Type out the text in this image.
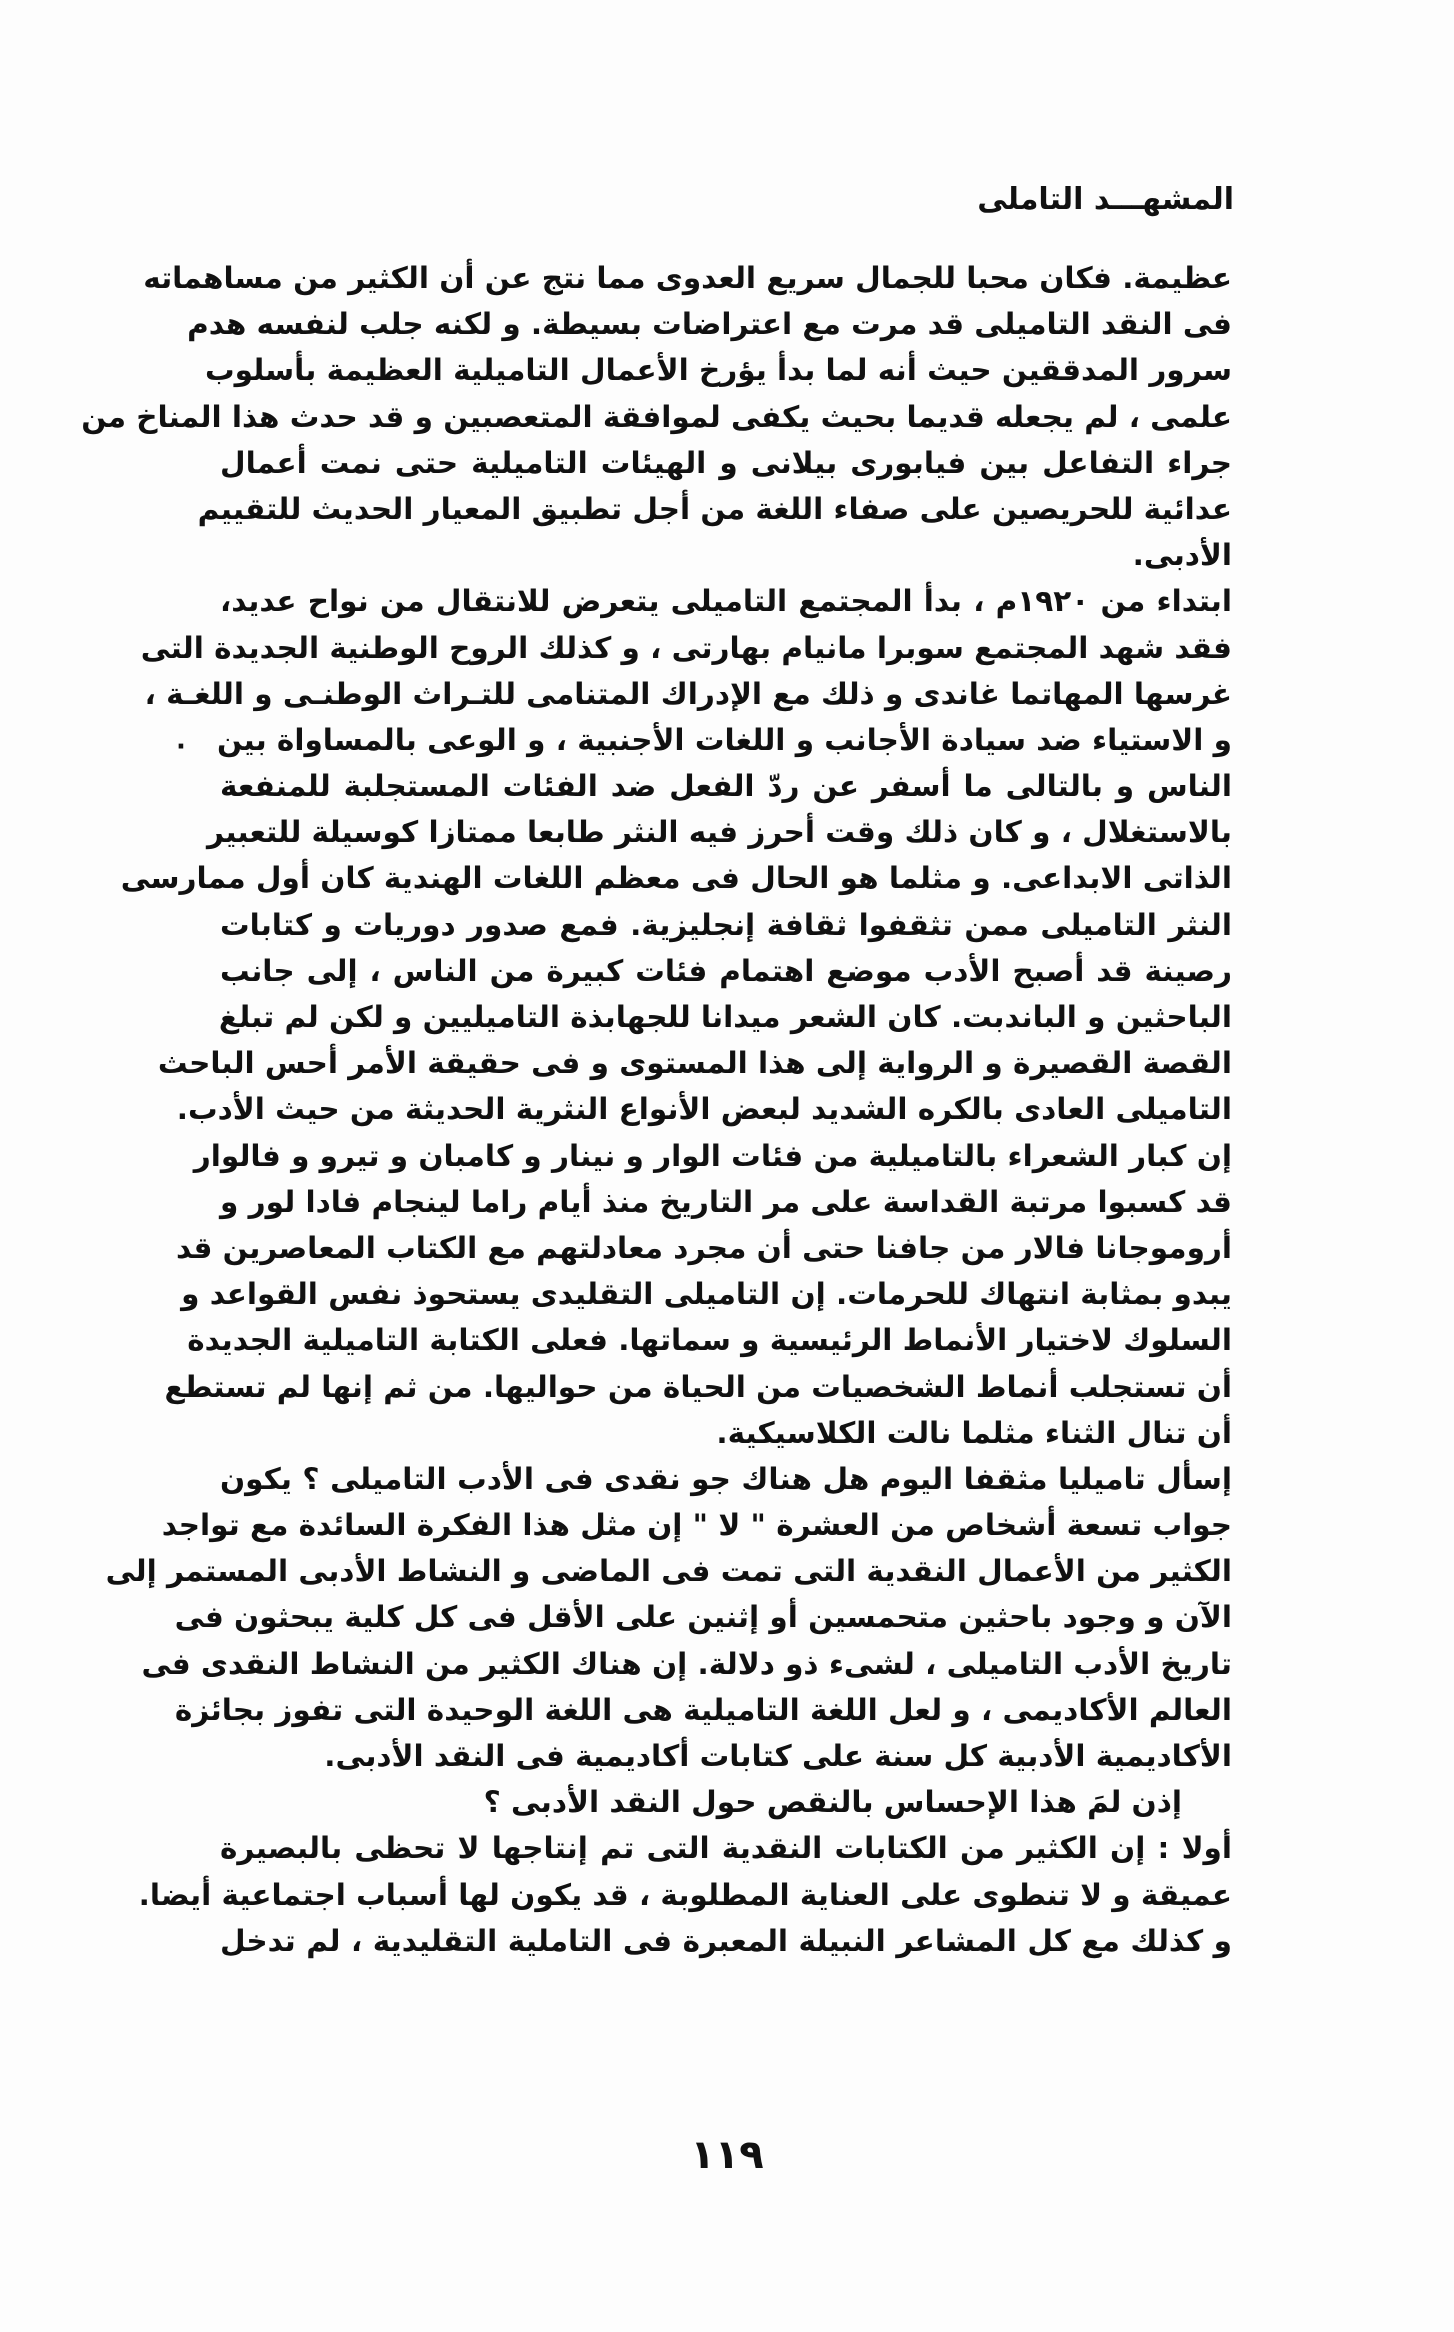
المشهـــد التاملى
عظيمة. فكان محبا للجمال سريع العدوى مما نتج عن أن الكثير من مساهماته
فى النقد التاميلى قد مرت مع اعتراضات بسيطة. و لكنه جلب لنفسه هدم
سرور المدققين حيث أنه لما بدأ يؤرخ الأعمال التاميلية العظيمة بأسلوب
علمى ، لم يجعله قديما بحيث يكفى لموافقة المتعصبين و قد حدث هذا المناخ من
جراء التفاعل بين فيابورى بيلانى و الهيئات التاميلية حتى نمت أعمال
عدائية للحريصين على صفاء اللغة من أجل تطبيق المعيار الحديث للتقييم
الأدبى.
ابتداء من ١٩٢٠م ، بدأ المجتمع التاميلى يتعرض للانتقال من نواح عديد،
فقد شهد المجتمع سوبرا مانيام بهارتى ، و كذلك الروح الوطنية الجديدة التى
غرسها المهاتما غاندى و ذلك مع الإدراك المتنامى للتـراث الوطنـى و اللغـة ،
و الاستياء ضد سيادة الأجانب و اللغات الأجنبية ، و الوعى بالمساواة بين
الناس و بالتالى ما أسفر عن ردّ الفعل ضد الفئات المستجلبة للمنفعة
بالاستغلال ، و كان ذلك وقت أحرز فيه النثر طابعا ممتازا كوسيلة للتعبير
الذاتى الابداعى. و مثلما هو الحال فى معظم اللغات الهندية كان أول ممارسى
النثر التاميلى ممن تثقفوا ثقافة إنجليزية. فمع صدور دوريات و كتابات
رصينة قد أصبح الأدب موضع اهتمام فئات كبيرة من الناس ، إلى جانب
الباحثين و الباندبت. كان الشعر ميدانا للجهابذة التاميليين و لكن لم تبلغ
القصة القصيرة و الرواية إلى هذا المستوى و فى حقيقة الأمر أحس الباحث
التاميلى العادى بالكره الشديد لبعض الأنواع النثرية الحديثة من حيث الأدب.
إن كبار الشعراء بالتاميلية من فئات الوار و نينار و كامبان و تيرو و فالوار
قد كسبوا مرتبة القداسة على مر التاريخ منذ أيام راما لينجام فادا لور و
أروموجانا فالار من جافنا حتى أن مجرد معادلتهم مع الكتاب المعاصرين قد
يبدو بمثابة انتهاك للحرمات. إن التاميلى التقليدى يستحوذ نفس القواعد و
السلوك لاختيار الأنماط الرئيسية و سماتها. فعلى الكتابة التاميلية الجديدة
أن تستجلب أنماط الشخصيات من الحياة من حواليها. من ثم إنها لم تستطع
أن تنال الثناء مثلما نالت الكلاسيكية.
إسأل تاميليا مثقفا اليوم هل هناك جو نقدى فى الأدب التاميلى ؟ يكون
جواب تسعة أشخاص من العشرة " لا " إن مثل هذا الفكرة السائدة مع تواجد
الكثير من الأعمال النقدية التى تمت فى الماضى و النشاط الأدبى المستمر إلى
الآن و وجود باحثين متحمسين أو إثنين على الأقل فى كل كلية يبحثون فى
تاريخ الأدب التاميلى ، لشىء ذو دلالة. إن هناك الكثير من النشاط النقدى فى
العالم الأكاديمى ، و لعل اللغة التاميلية هى اللغة الوحيدة التى تفوز بجائزة
الأكاديمية الأدبية كل سنة على كتابات أكاديمية فى النقد الأدبى.
إذن لمَ هذا الإحساس بالنقص حول النقد الأدبى ؟
أولا : إن الكثير من الكتابات النقدية التى تم إنتاجها لا تحظى بالبصيرة
عميقة و لا تنطوى على العناية المطلوبة ، قد يكون لها أسباب اجتماعية أيضا.
و كذلك مع كل المشاعر النبيلة المعبرة فى التاملية التقليدية ، لم تدخل
·
١١٩
